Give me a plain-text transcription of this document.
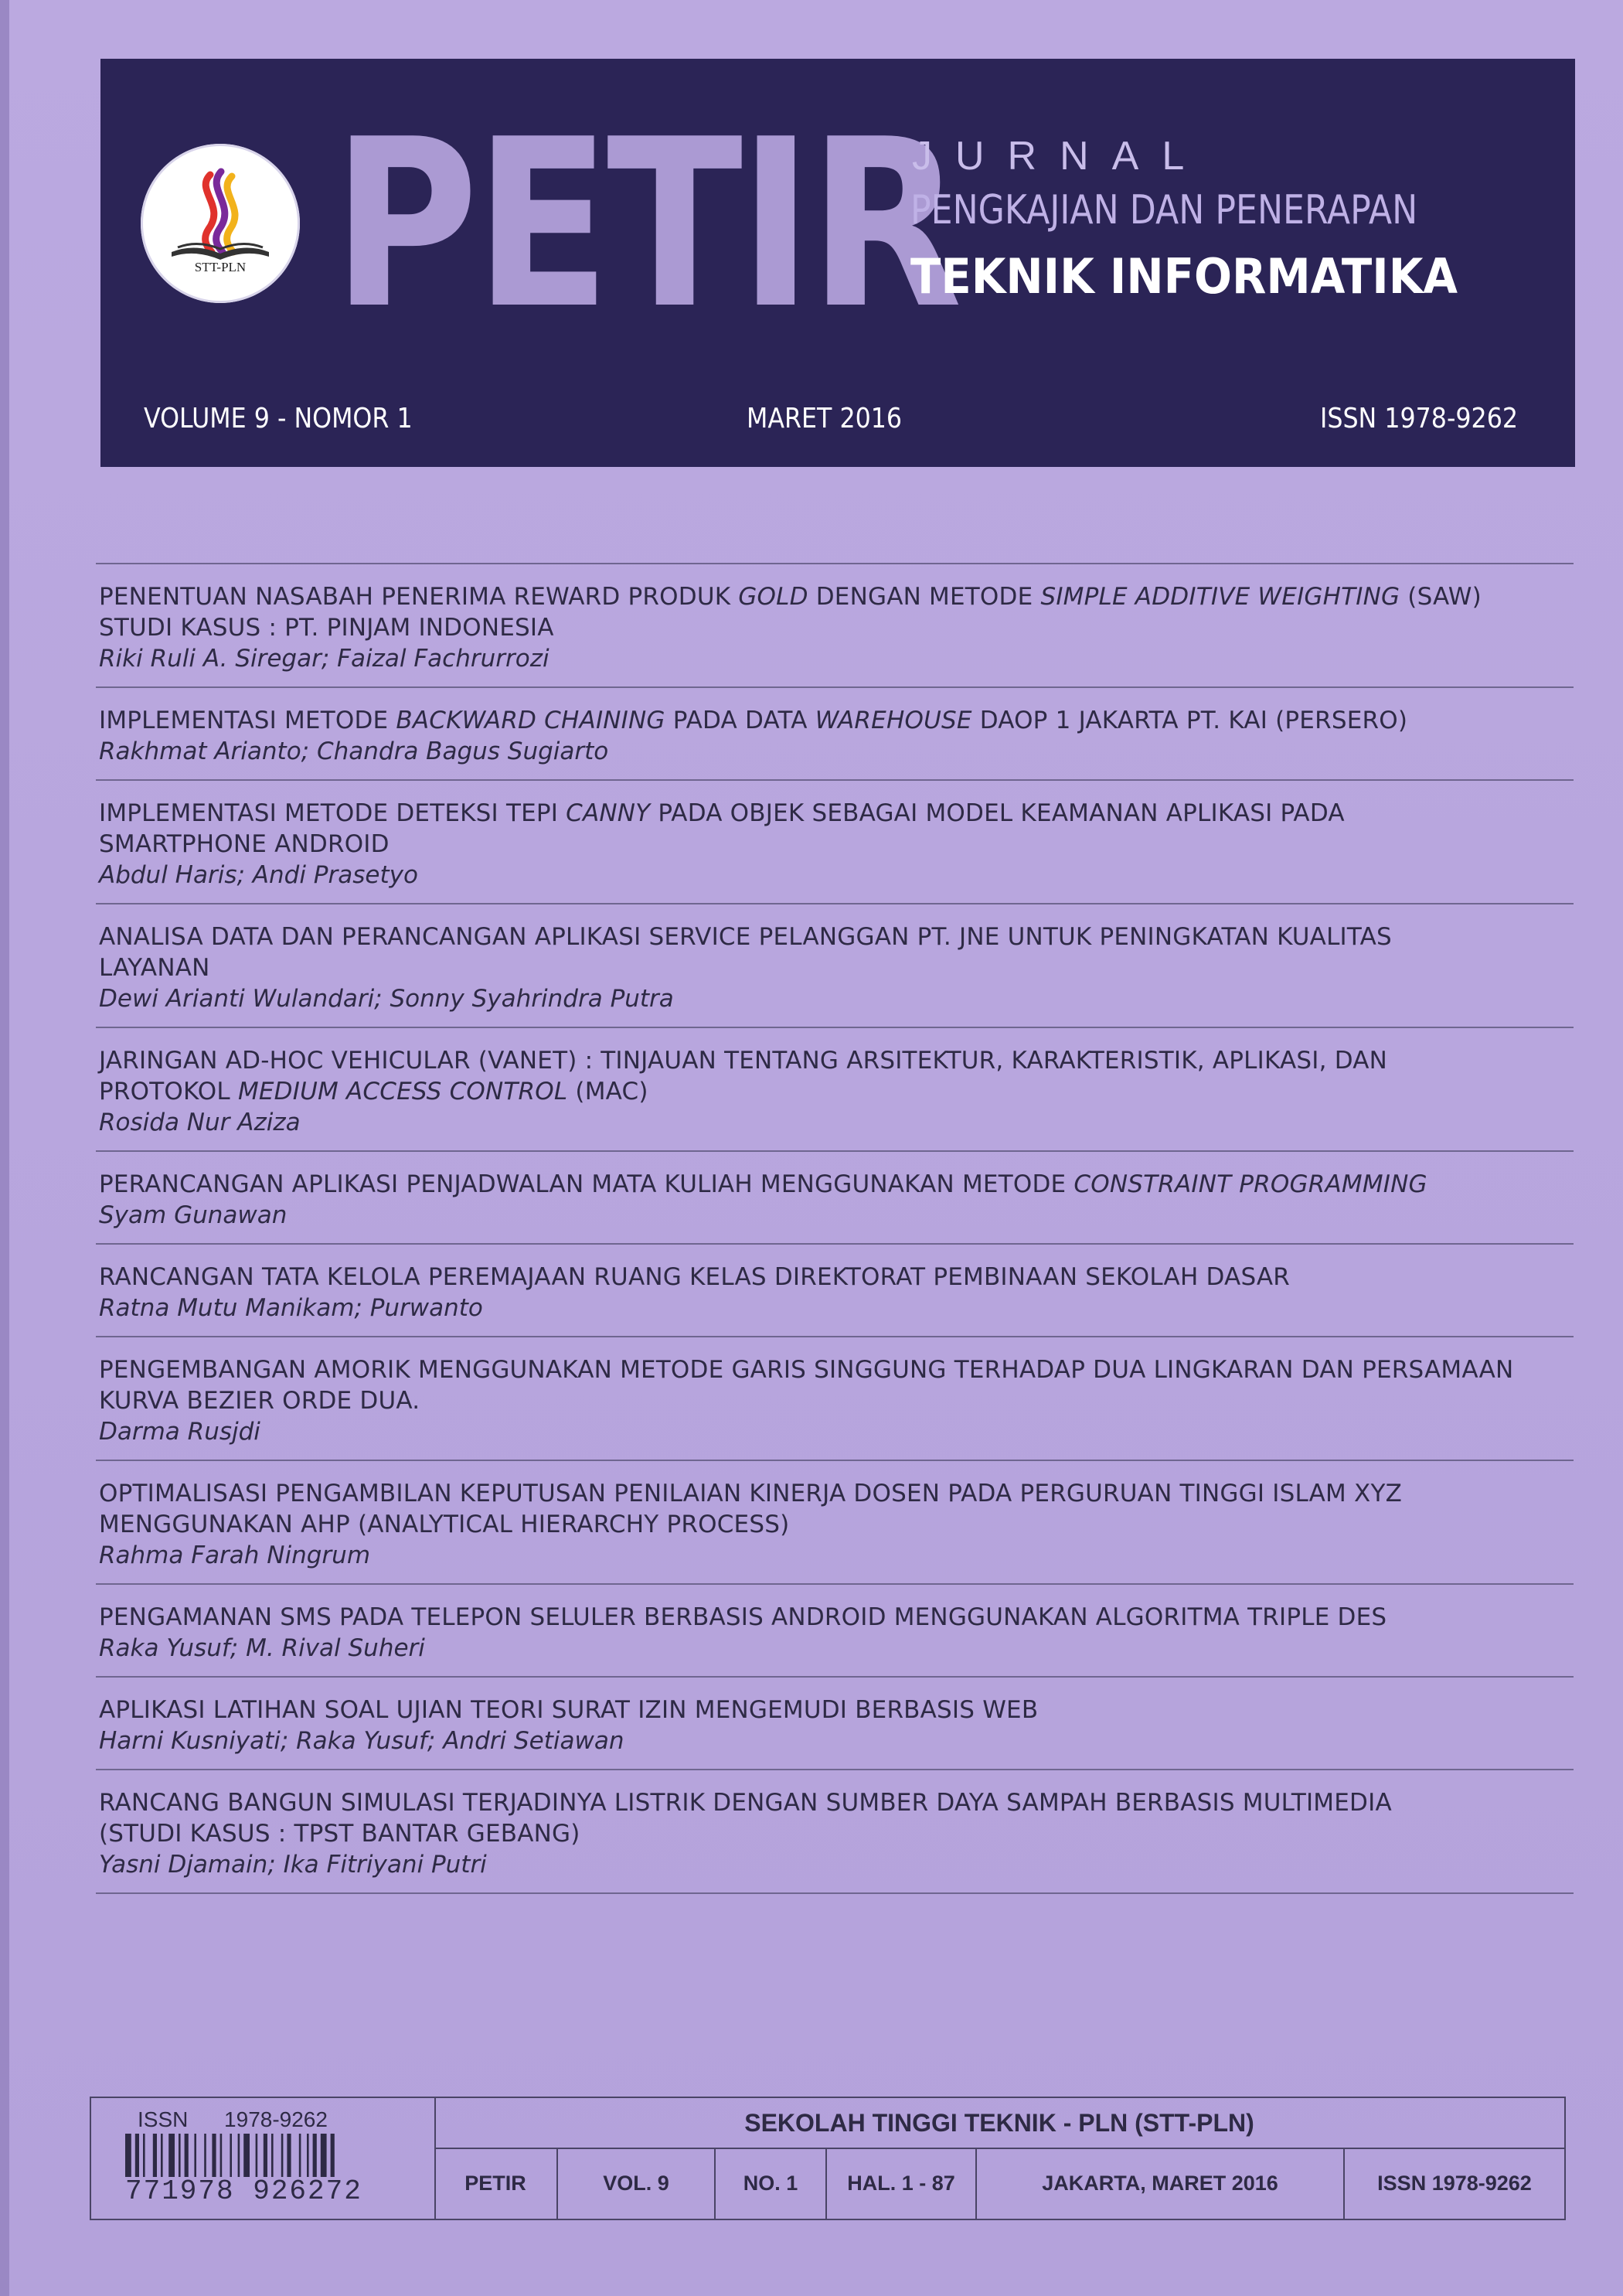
STT-PLN PETIR
JURNAL
PENGKAJIAN DAN PENERAPAN
TEKNIK INFORMATIKA
VOLUME 9 - NOMOR 1	MARET 2016	ISSN 1978-9262
PENENTUAN NASABAH PENERIMA REWARD PRODUK GOLD DENGAN METODE SIMPLE ADDITIVE WEIGHTING (SAW)
STUDI KASUS : PT. PINJAM INDONESIA
Riki Ruli A. Siregar; Faizal Fachrurrozi
IMPLEMENTASI METODE BACKWARD CHAINING PADA DATA WAREHOUSE DAOP 1 JAKARTA PT. KAI (PERSERO)
Rakhmat Arianto; Chandra Bagus Sugiarto
IMPLEMENTASI METODE DETEKSI TEPI CANNY PADA OBJEK SEBAGAI MODEL KEAMANAN APLIKASI PADA
SMARTPHONE ANDROID
Abdul Haris; Andi Prasetyo
ANALISA DATA DAN PERANCANGAN APLIKASI SERVICE PELANGGAN PT. JNE UNTUK PENINGKATAN KUALITAS
LAYANAN
Dewi Arianti Wulandari; Sonny Syahrindra Putra
JARINGAN AD-HOC VEHICULAR (VANET) : TINJAUAN TENTANG ARSITEKTUR, KARAKTERISTIK, APLIKASI, DAN
PROTOKOL MEDIUM ACCESS CONTROL (MAC)
Rosida Nur Aziza
PERANCANGAN APLIKASI PENJADWALAN MATA KULIAH MENGGUNAKAN METODE CONSTRAINT PROGRAMMING
Syam Gunawan
RANCANGAN TATA KELOLA PEREMAJAAN RUANG KELAS DIREKTORAT PEMBINAAN SEKOLAH DASAR
Ratna Mutu Manikam; Purwanto
PENGEMBANGAN AMORIK MENGGUNAKAN METODE GARIS SINGGUNG TERHADAP DUA LINGKARAN DAN PERSAMAAN
KURVA BEZIER ORDE DUA.
Darma Rusjdi
OPTIMALISASI PENGAMBILAN KEPUTUSAN PENILAIAN KINERJA DOSEN PADA PERGURUAN TINGGI ISLAM XYZ
MENGGUNAKAN AHP (ANALYTICAL HIERARCHY PROCESS)
Rahma Farah Ningrum
PENGAMANAN SMS PADA TELEPON SELULER BERBASIS ANDROID MENGGUNAKAN ALGORITMA TRIPLE DES
Raka Yusuf; M. Rival Suheri
APLIKASI LATIHAN SOAL UJIAN TEORI SURAT IZIN MENGEMUDI BERBASIS WEB
Harni Kusniyati; Raka Yusuf; Andri Setiawan
RANCANG BANGUN SIMULASI TERJADINYA LISTRIK DENGAN SUMBER DAYA SAMPAH BERBASIS MULTIMEDIA
(STUDI KASUS : TPST BANTAR GEBANG)
Yasni Djamain; Ika Fitriyani Putri
ISSN 1978-9262
771978 926272
SEKOLAH TINGGI TEKNIK - PLN (STT-PLN)
PETIR	VOL. 9	NO. 1	HAL. 1 - 87	JAKARTA, MARET 2016	ISSN 1978-9262
